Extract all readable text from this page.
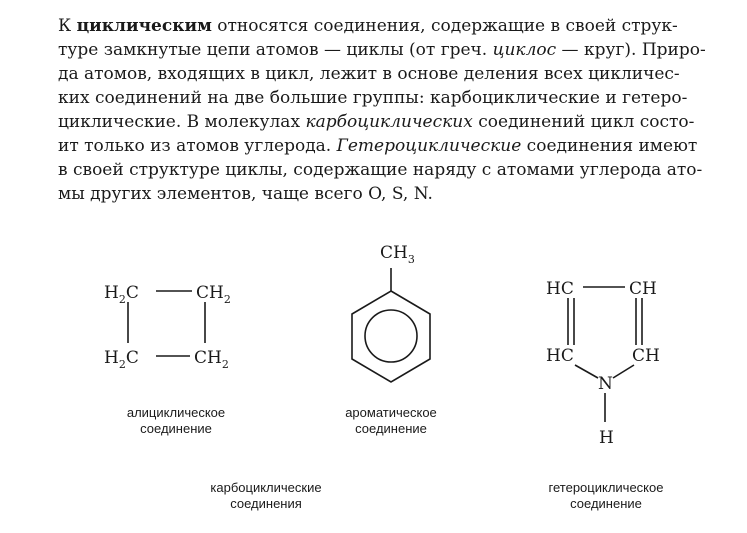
К циклическим относятся соединения, содержащие в своей струк-
туре замкнутые цепи атомов — циклы (от греч. циклос — круг). Приро-
да атомов, входящих в цикл, лежит в основе деления всех цикличес-
ких соединений на две большие группы: карбоциклические и гетеро-
циклические. В молекулах карбоциклических соединений цикл состо-
ит только из атомов углерода. Гетероциклические соединения имеют
в своей структуре циклы, содержащие наряду с атомами углерода ато-
мы других элементов, чаще всего O, S, N.
$H_2C$	$CH_2$
$H_2C$	$CH_2$
$CH_3$
HC	CH
HC	CH
N
H
алициклическое
соединение
ароматическое
соединение
карбоциклические
соединения
гетероциклическое
соединение
